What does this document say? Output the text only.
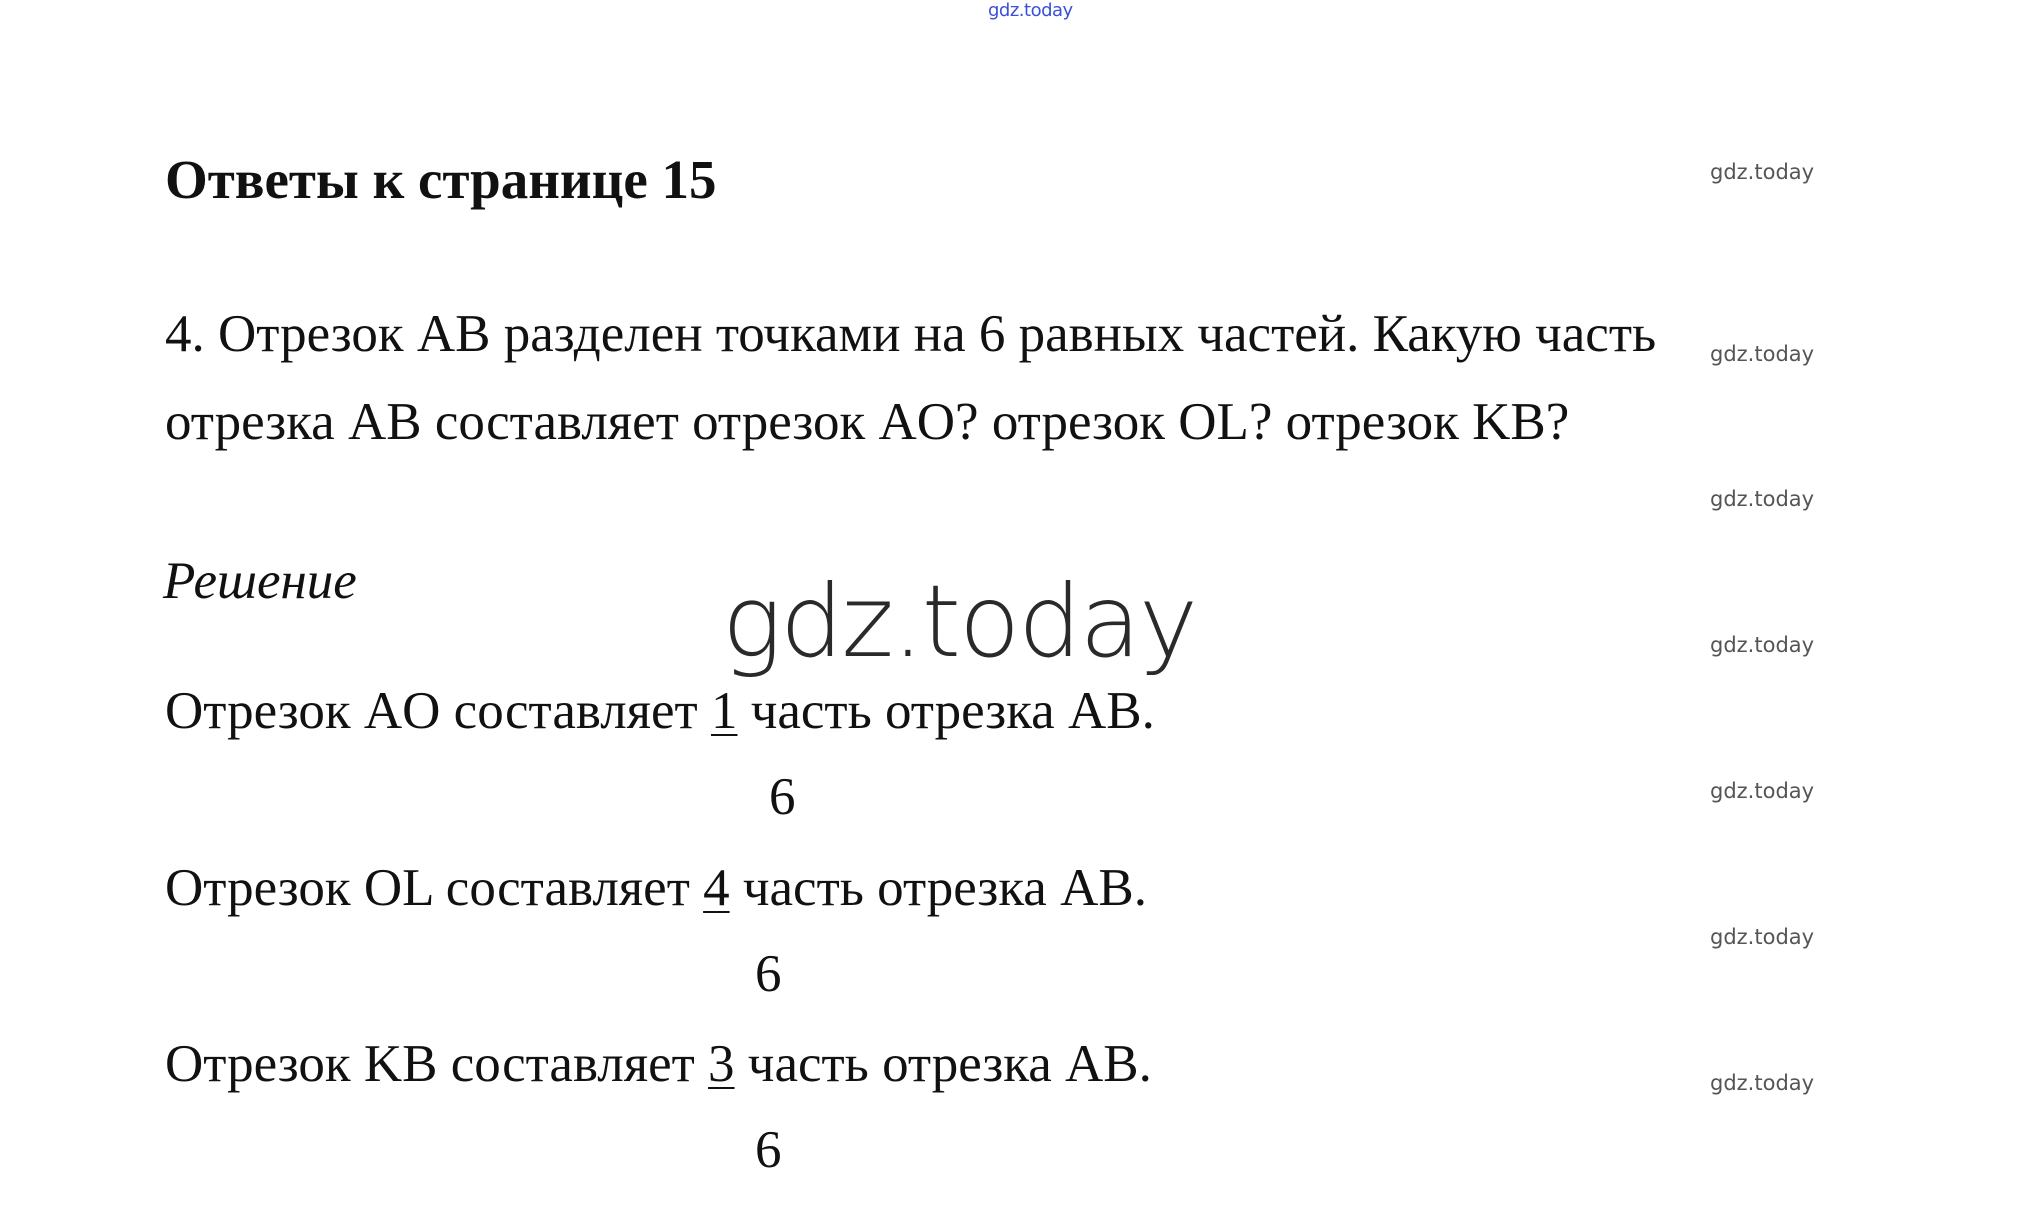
gdz.today
gdz.today
gdz.today
gdz.today
gdz.today
gdz.today
gdz.today
gdz.today
Ответы к странице 15
4. Отрезок AB разделен точками на 6 равных частей. Какую часть
отрезка AB составляет отрезок AO? отрезок OL? отрезок KB?
Решение	gdz.today
Отрезок AO составляет 1 часть отрезка AB.
6
Отрезок OL составляет 4 часть отрезка AB.
6
Отрезок KB составляет 3 часть отрезка AB.
6
